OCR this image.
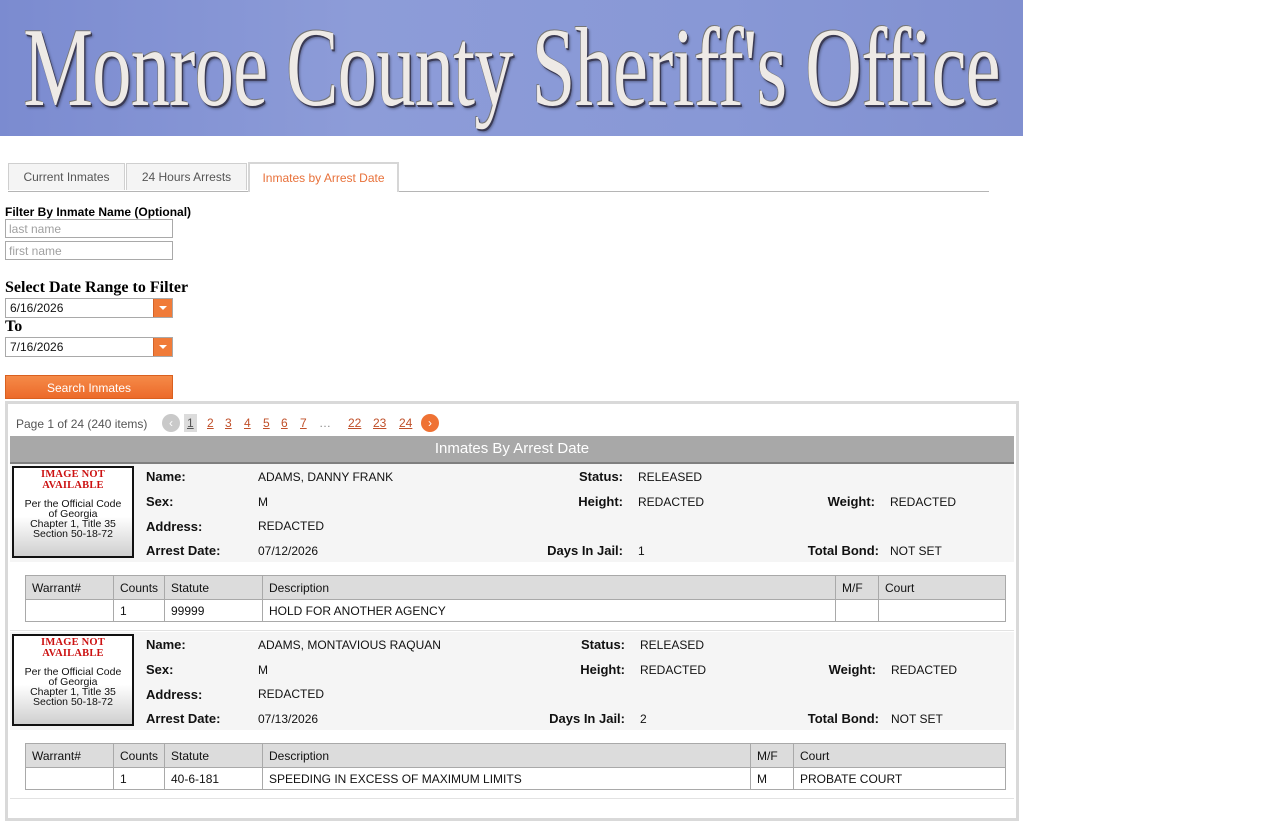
Monroe County Sheriff's Office
Current Inmates	24 Hours Arrests	Inmates by Arrest Date
Filter By Inmate Name (Optional)
last name
first name
Select Date Range to Filter
6/16/2026
To
7/16/2026
Search Inmates
Page 1 of 24 (240 items)	‹	1 2 3 4 5 6 7 … 22 23 24	›
Inmates By Arrest Date
IMAGE NOT AVAILABLE
Per the Official Code
of Georgia
Chapter 1, Title 35
Section 50-18-72
Name:	ADAMS, DANNY FRANK	Status: RELEASED
Sex:	M	Height: REDACTED	Weight: REDACTED
Address:	REDACTED
Arrest Date:	07/12/2026	Days In Jail: 1	Total Bond: NOT SET
Warrant#	Counts	Statute	Description	M/F	Court
	1	99999	HOLD FOR ANOTHER AGENCY		
IMAGE NOT AVAILABLE
Per the Official Code
of Georgia
Chapter 1, Title 35
Section 50-18-72
Name:	ADAMS, MONTAVIOUS RAQUAN	Status: RELEASED
Sex:	M	Height: REDACTED	Weight: REDACTED
Address:	REDACTED
Arrest Date:	07/13/2026	Days In Jail: 2	Total Bond: NOT SET
Warrant#	Counts	Statute	Description	M/F	Court
	1	40-6-181	SPEEDING IN EXCESS OF MAXIMUM LIMITS	M	PROBATE COURT
